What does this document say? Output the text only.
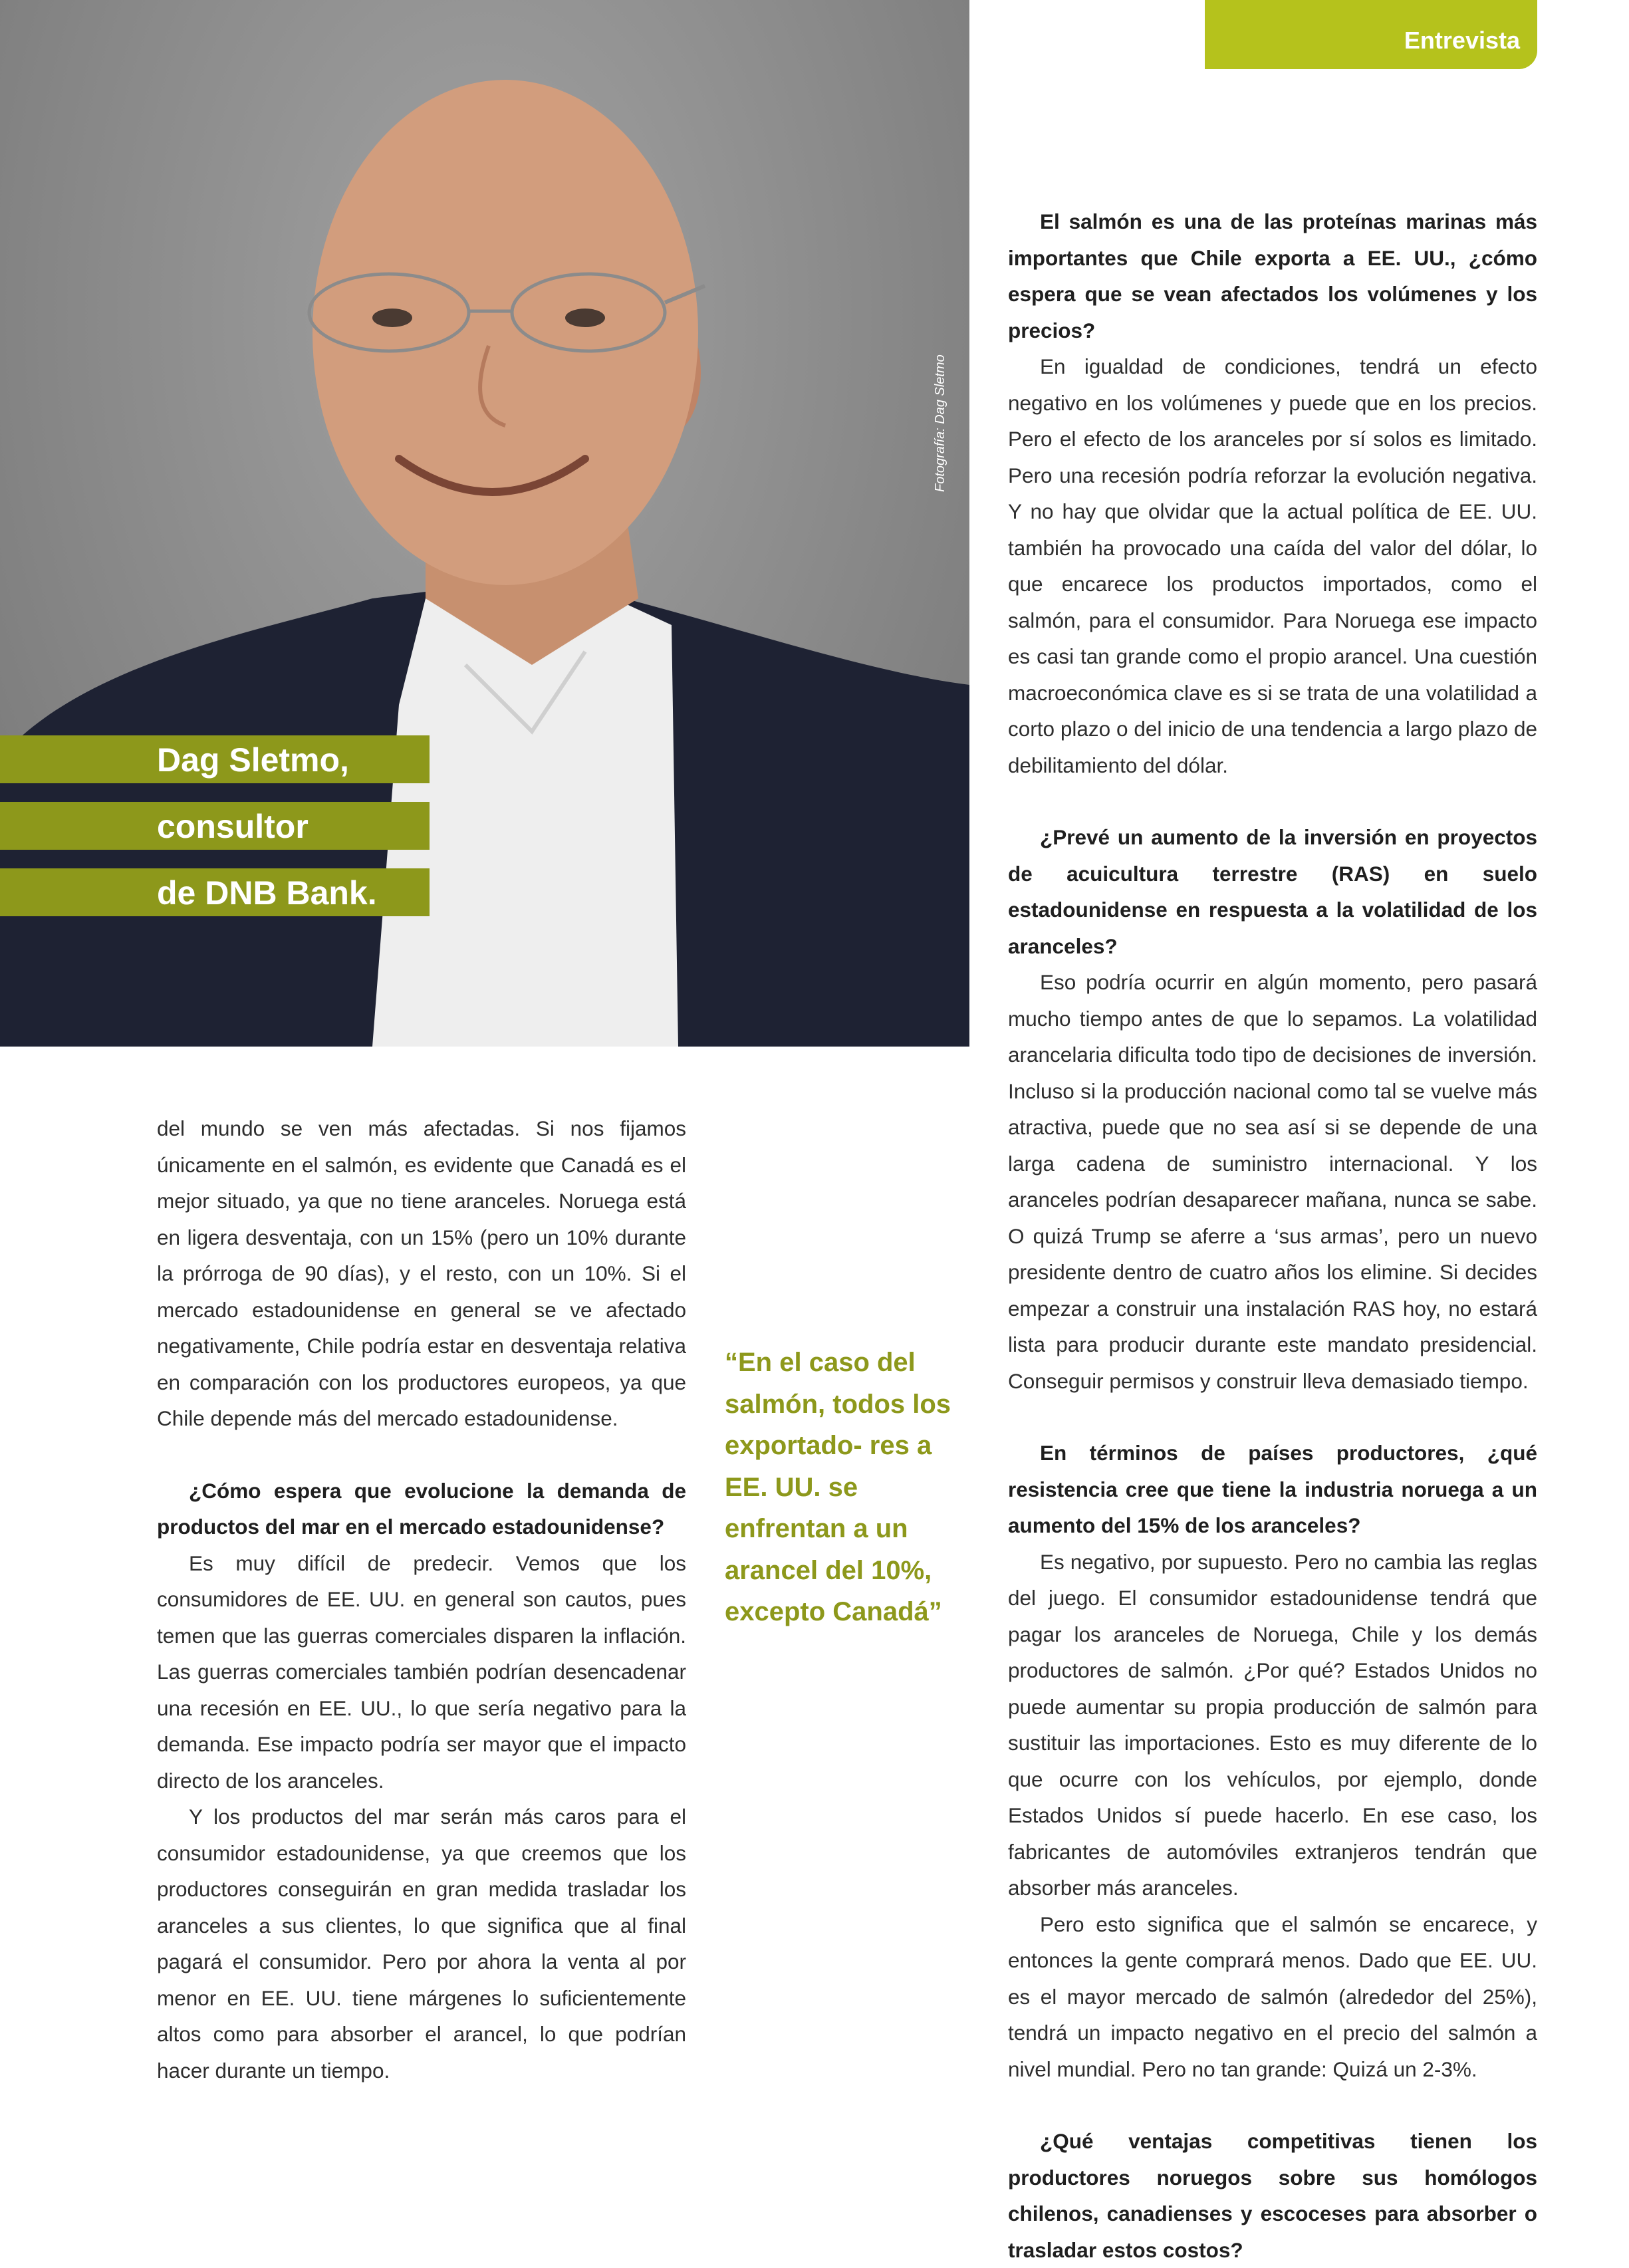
Entrevista
Fotografía: Dag Sletmo
Dag Sletmo,
consultor
de DNB Bank.

del mundo se ven más afectadas. Si nos fijamos únicamente en el salmón, es evidente que Canadá es el mejor situado, ya que no tiene aranceles. Noruega está en ligera desventaja, con un 15% (pero un 10% durante la prórroga de 90 días), y el resto, con un 10%. Si el mercado estadounidense en general se ve afectado negativamente, Chile podría estar en desventaja relativa en comparación con los productores europeos, ya que Chile depende más del mercado estadounidense.

¿Cómo espera que evolucione la demanda de productos del mar en el mercado estadounidense?

Es muy difícil de predecir. Vemos que los consumidores de EE. UU. en general son cautos, pues temen que las guerras comerciales disparen la inflación. Las guerras comerciales también podrían desencadenar una recesión en EE. UU., lo que sería negativo para la demanda. Ese impacto podría ser mayor que el impacto directo de los aranceles.

Y los productos del mar serán más caros para el consumidor estadounidense, ya que creemos que los productores conseguirán en gran medida trasladar los aranceles a sus clientes, lo que significa que al final pagará el consumidor. Pero por ahora la venta al por menor en EE. UU. tiene márgenes lo suficientemente altos como para absorber el arancel, lo que podrían hacer durante un tiempo.

“En el caso del salmón, todos los exportado- res a EE. UU. se enfrentan a un arancel del 10%, excepto Canadá”
El salmón es una de las proteínas marinas más importantes que Chile exporta a EE. UU., ¿cómo espera que se vean afectados los volúmenes y los precios?

En igualdad de condiciones, tendrá un efecto negativo en los volúmenes y puede que en los precios. Pero el efecto de los aranceles por sí solos es limitado. Pero una recesión podría reforzar la evolución negativa. Y no hay que olvidar que la actual política de EE. UU. también ha provocado una caída del valor del dólar, lo que encarece los productos importados, como el salmón, para el consumidor. Para Noruega ese impacto es casi tan grande como el propio arancel. Una cuestión macroeconómica clave es si se trata de una volatilidad a corto plazo o del inicio de una tendencia a largo plazo de debilitamiento del dólar.

¿Prevé un aumento de la inversión en proyectos de acuicultura terrestre (RAS) en suelo estadounidense en respuesta a la volatilidad de los aranceles?

Eso podría ocurrir en algún momento, pero pasará mucho tiempo antes de que lo sepamos. La volatilidad arancelaria dificulta todo tipo de decisiones de inversión. Incluso si la producción nacional como tal se vuelve más atractiva, puede que no sea así si se depende de una larga cadena de suministro internacional. Y los aranceles podrían desaparecer mañana, nunca se sabe. O quizá Trump se aferre a ‘sus armas’, pero un nuevo presidente dentro de cuatro años los elimine. Si decides empezar a construir una instalación RAS hoy, no estará lista para producir durante este mandato presidencial. Conseguir permisos y construir lleva demasiado tiempo.

En términos de países productores, ¿qué resistencia cree que tiene la industria noruega a un aumento del 15% de los aranceles?

Es negativo, por supuesto. Pero no cambia las reglas del juego. El consumidor estadounidense tendrá que pagar los aranceles de Noruega, Chile y los demás productores de salmón. ¿Por qué? Estados Unidos no puede aumentar su propia producción de salmón para sustituir las importaciones. Esto es muy diferente de lo que ocurre con los vehículos, por ejemplo, donde Estados Unidos sí puede hacerlo. En ese caso, los fabricantes de automóviles extranjeros tendrán que absorber más aranceles.

Pero esto significa que el salmón se encarece, y entonces la gente comprará menos. Dado que EE. UU. es el mayor mercado de salmón (alrededor del 25%), tendrá un impacto negativo en el precio del salmón a nivel mundial. Pero no tan grande: Quizá un 2-3%.

¿Qué ventajas competitivas tienen los productores noruegos sobre sus homólogos chilenos, canadienses y escoceses para absorber o trasladar estos costos?
